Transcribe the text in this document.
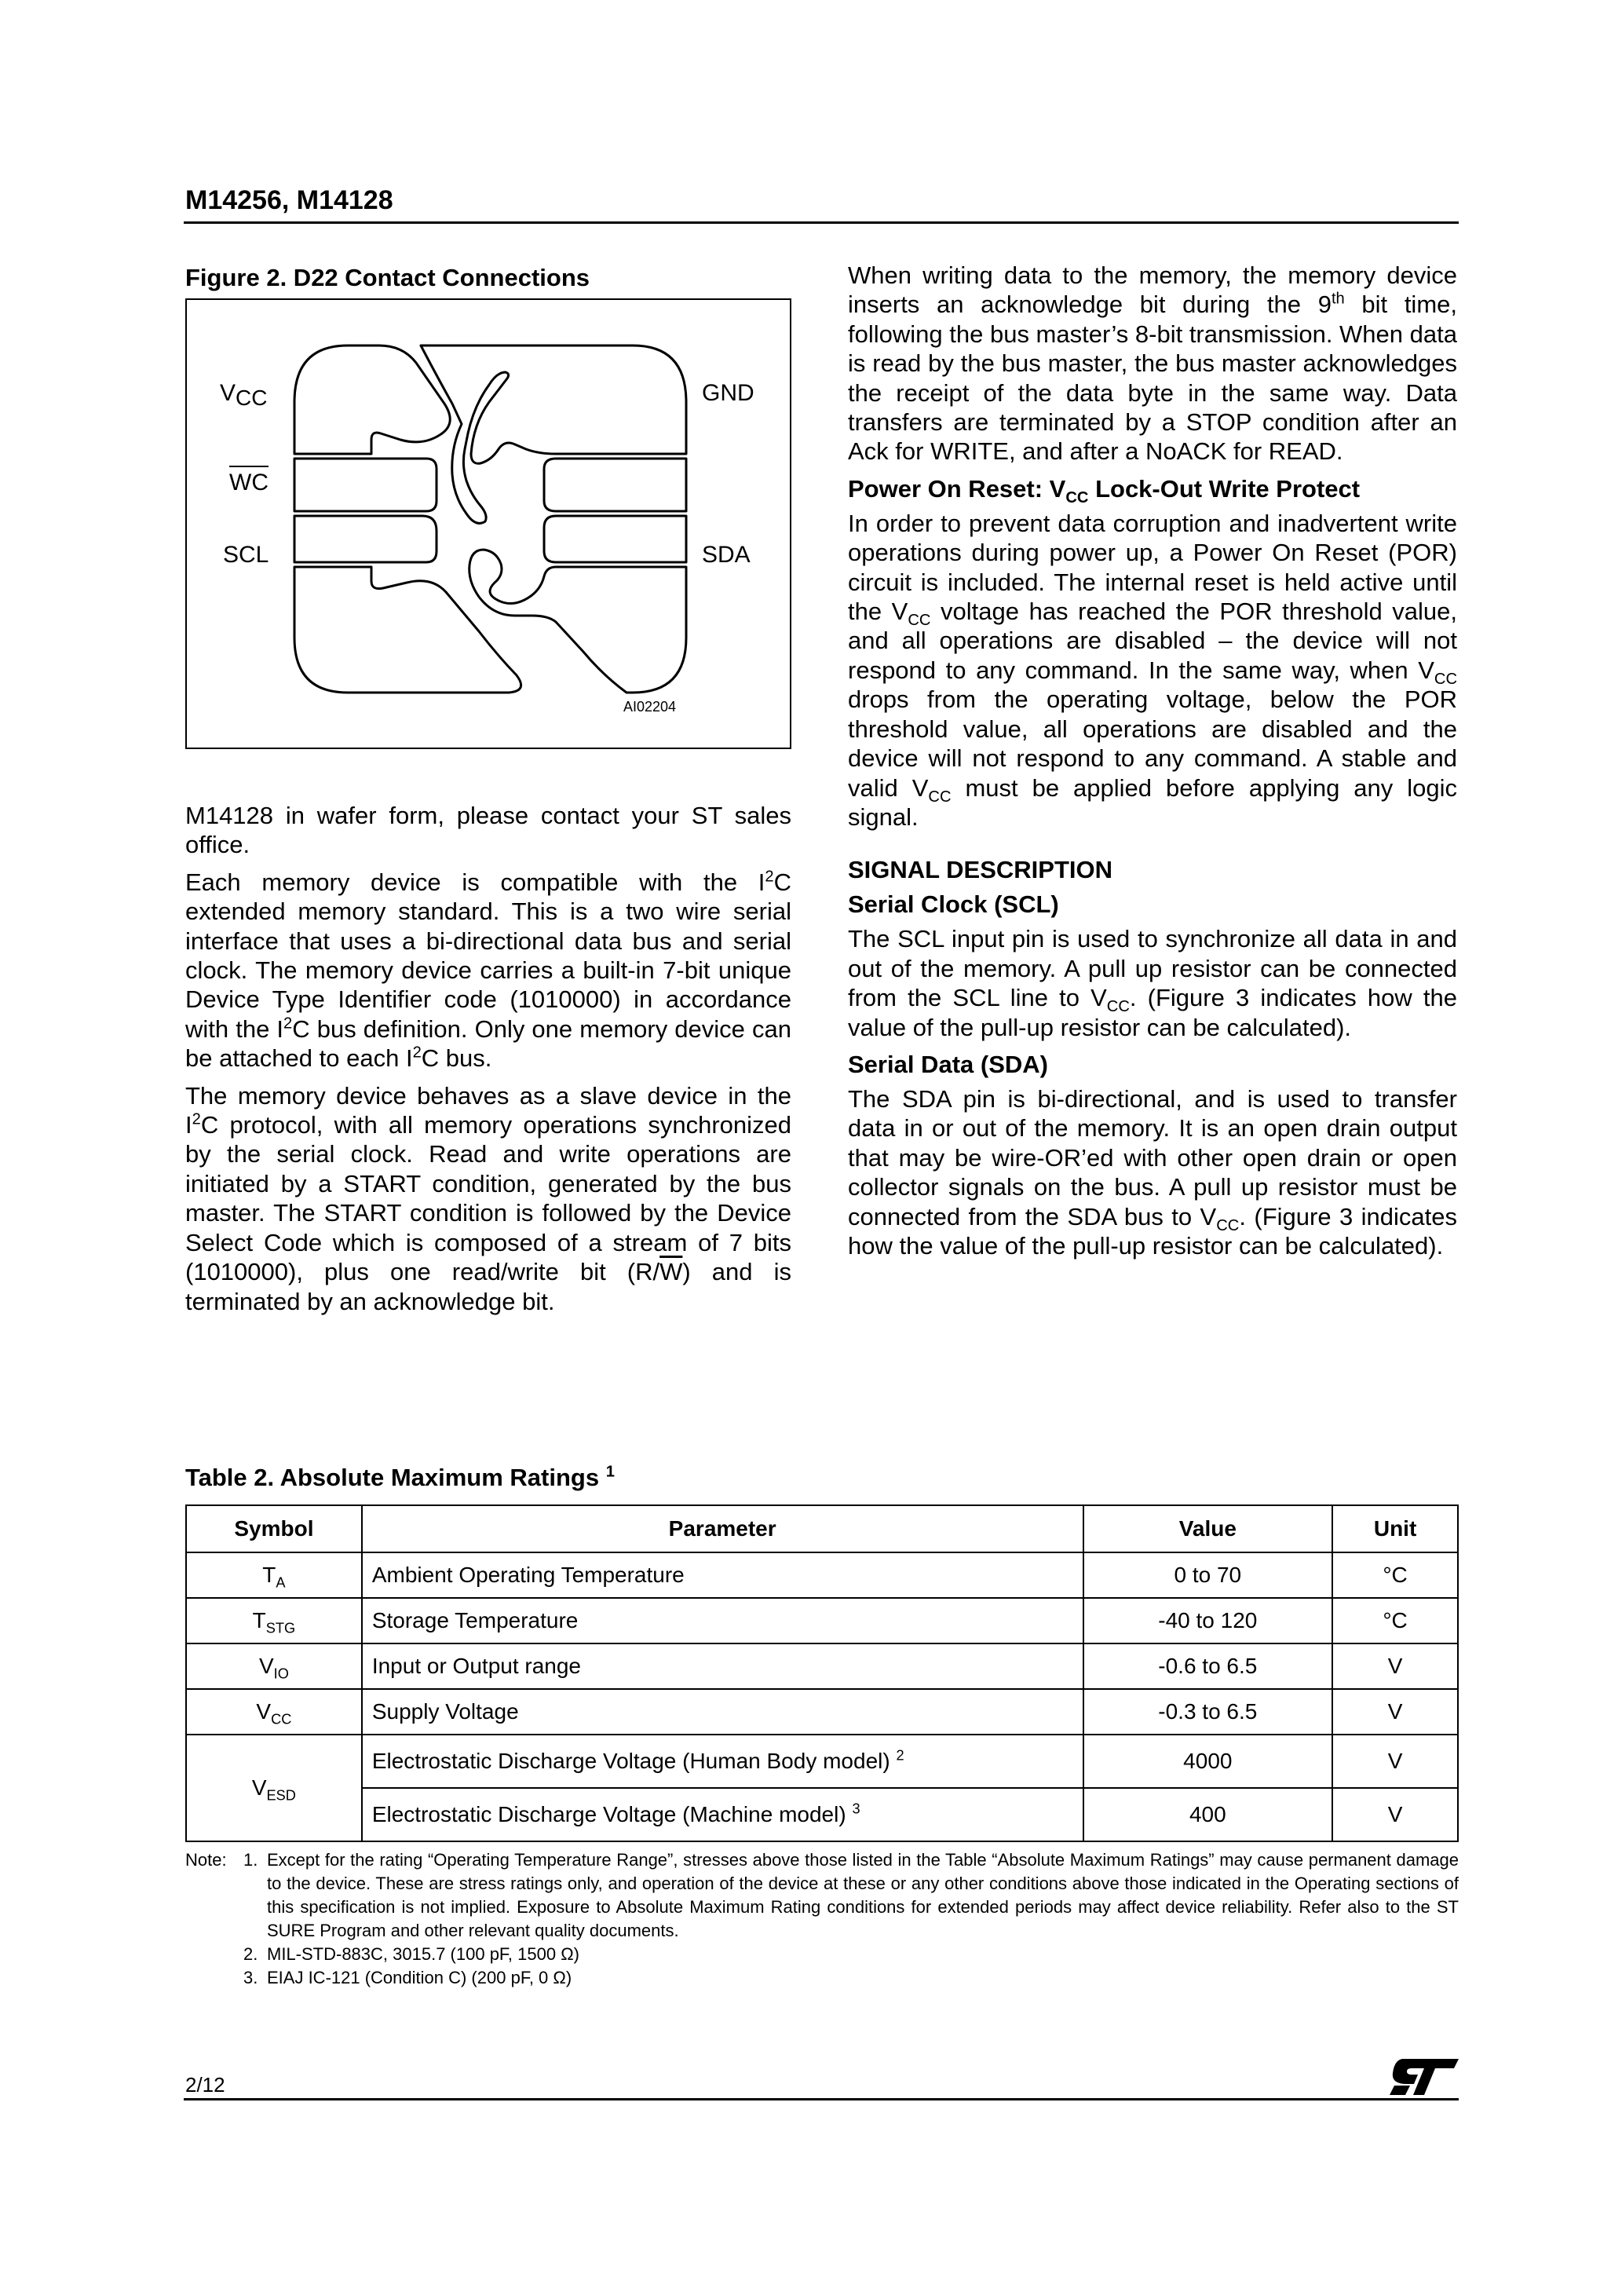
M14256, M14128
Figure 2. D22 Contact Connections
VCC
WC
SCL
GND
SDA
AI02204

M14128 in wafer form, please contact your ST sales office.

Each memory device is compatible with the $I^2C$ extended memory standard. This is a two wire serial interface that uses a bi-directional data bus and serial clock. The memory device carries a built-in 7-bit unique Device Type Identifier code (1010000) in accordance with the $I^2C$ bus definition. Only one memory device can be attached to each $I^2C$ bus.

The memory device behaves as a slave device in the $I^2C$ protocol, with all memory operations synchronized by the serial clock. Read and write operations are initiated by a START condition, generated by the bus master. The START condition is followed by the Device Select Code which is composed of a stream of 7 bits (1010000), plus one read/write bit $(R/\overline{W})$ and is terminated by an acknowledge bit.

When writing data to the memory, the memory device inserts an acknowledge bit during the 9th bit time, following the bus master’s 8-bit transmission. When data is read by the bus master, the bus master acknowledges the receipt of the data byte in the same way. Data transfers are terminated by a STOP condition after an Ack for WRITE, and after a NoACK for READ.

Power On Reset: $V_{CC}$ Lock-Out Write Protect

In order to prevent data corruption and inadvertent write operations during power up, a Power On Reset (POR) circuit is included. The internal reset is held active until the $V_{CC}$ voltage has reached the POR threshold value, and all operations are disabled – the device will not respond to any command. In the same way, when $V_{CC}$ drops from the operating voltage, below the POR threshold value, all operations are disabled and the device will not respond to any command. A stable and valid $V_{CC}$ must be applied before applying any logic signal.

SIGNAL DESCRIPTION
Serial Clock (SCL)

The SCL input pin is used to synchronize all data in and out of the memory. A pull up resistor can be connected from the SCL line to $V_{CC}$. (Figure 3 indicates how the value of the pull-up resistor can be calculated).

Serial Data (SDA)

The SDA pin is bi-directional, and is used to transfer data in or out of the memory. It is an open drain output that may be wire-OR’ed with other open drain or open collector signals on the bus. A pull up resistor must be connected from the SDA bus to $V_{CC}$. (Figure 3 indicates how the value of the pull-up resistor can be calculated).

Table 2. Absolute Maximum Ratings $^1$
Symbol	Parameter	Value	Unit
$T_A$	Ambient Operating Temperature	0 to 70	°C
$T_{STG}$	Storage Temperature	-40 to 120	°C
$V_{IO}$	Input or Output range	-0.6 to 6.5	V
$V_{CC}$	Supply Voltage	-0.3 to 6.5	V
$V_{ESD}$	Electrostatic Discharge Voltage (Human Body model) $^2$	4000	V
	Electrostatic Discharge Voltage (Machine model) $^3$	400	V
Note: 1. Except for the rating “Operating Temperature Range”, stresses above those listed in the Table “Absolute Maximum Ratings” may cause permanent damage to the device. These are stress ratings only, and operation of the device at these or any other conditions above those indicated in the Operating sections of this specification is not implied. Exposure to Absolute Maximum Rating conditions for extended periods may affect device reliability. Refer also to the ST SURE Program and other relevant quality documents.
2. MIL-STD-883C, 3015.7 (100 pF, 1500 Ω)
3. EIAJ IC-121 (Condition C) (200 pF, 0 Ω)
2/12
